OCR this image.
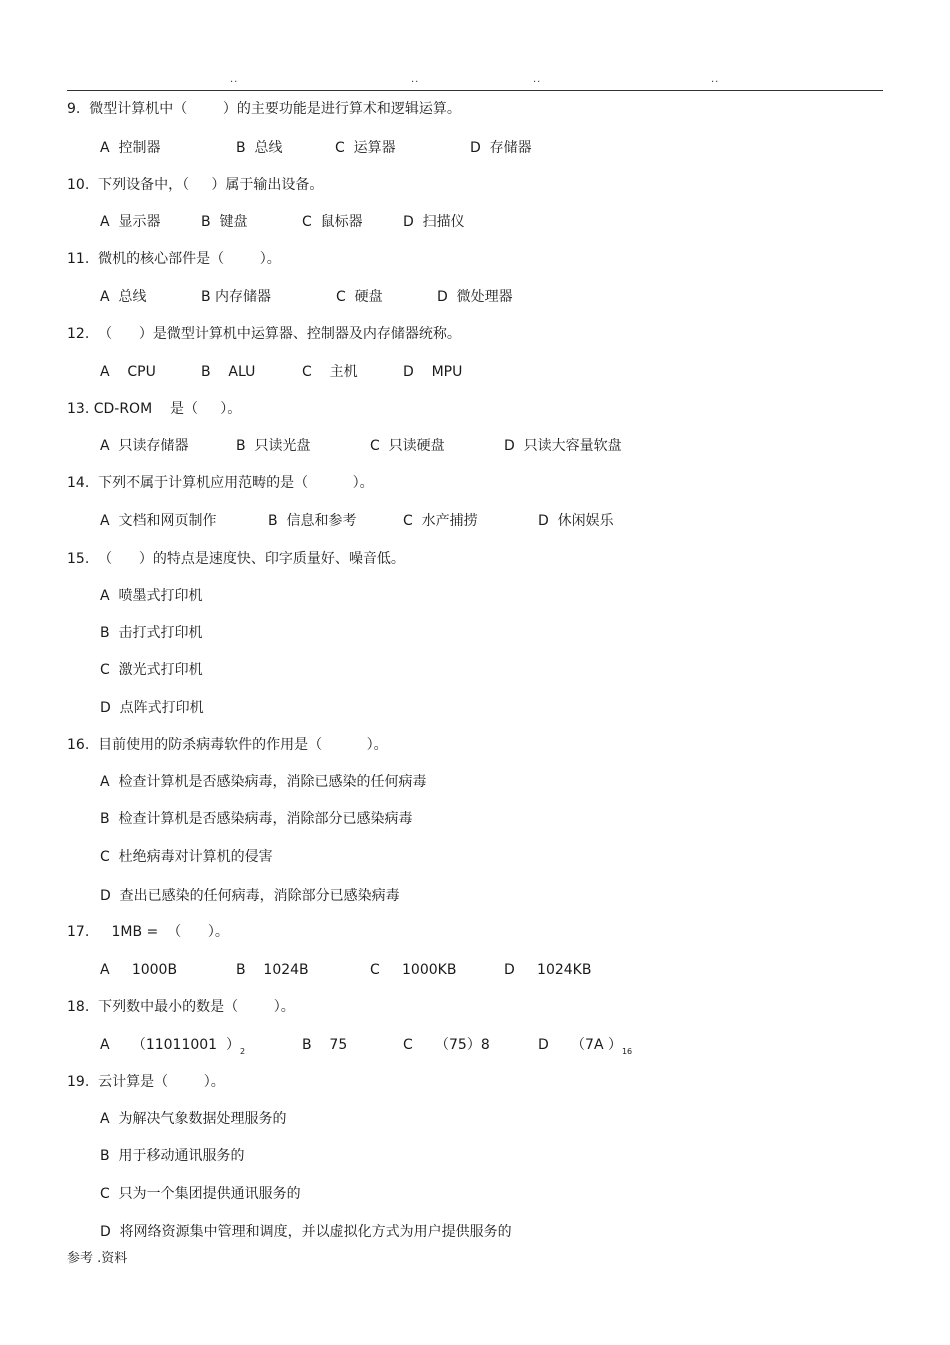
..	..	..	..
9.  微型计算机中（        ）的主要功能是进行算术和逻辑运算。
A  控制器	B  总线	C  运算器	D  存储器
10.  下列设备中，（     ）属于输出设备。
A  显示器	B  键盘	C  鼠标器	D  扫描仪
11.  微机的核心部件是（        ）。
A  总线	B 内存储器	C  硬盘	D  微处理器
12.  （      ）是微型计算机中运算器、控制器及内存储器统称。
A    CPU	B    ALU	C    主机	D    MPU
13. CD-ROM    是（     ）。
A  只读存储器	B  只读光盘	C  只读硬盘	D  只读大容量软盘
14.  下列不属于计算机应用范畴的是（          ）。
A  文档和网页制作	B  信息和参考	C  水产捕捞	D  休闲娱乐
15.  （      ）的特点是速度快、印字质量好、噪音低。
A  喷墨式打印机
B  击打式打印机
C  激光式打印机
D  点阵式打印机
16.  目前使用的防杀病毒软件的作用是（          ）。
A  检查计算机是否感染病毒，消除已感染的任何病毒
B  检查计算机是否感染病毒，消除部分已感染病毒
C  杜绝病毒对计算机的侵害
D  查出已感染的任何病毒，消除部分已感染病毒
17.     1MB =  （      ）。
A     1000B	B    1024B	C     1000KB	D     1024KB
18.  下列数中最小的数是（        ）。
A     （11011001  ）$_2$	B    75	C     （75）8	D     （7A ）$_{16}$
19.  云计算是（        ）。
A  为解决气象数据处理服务的
B  用于移动通讯服务的
C  只为一个集团提供通讯服务的
D  将网络资源集中管理和调度，并以虚拟化方式为用户提供服务的
参考 .资料
